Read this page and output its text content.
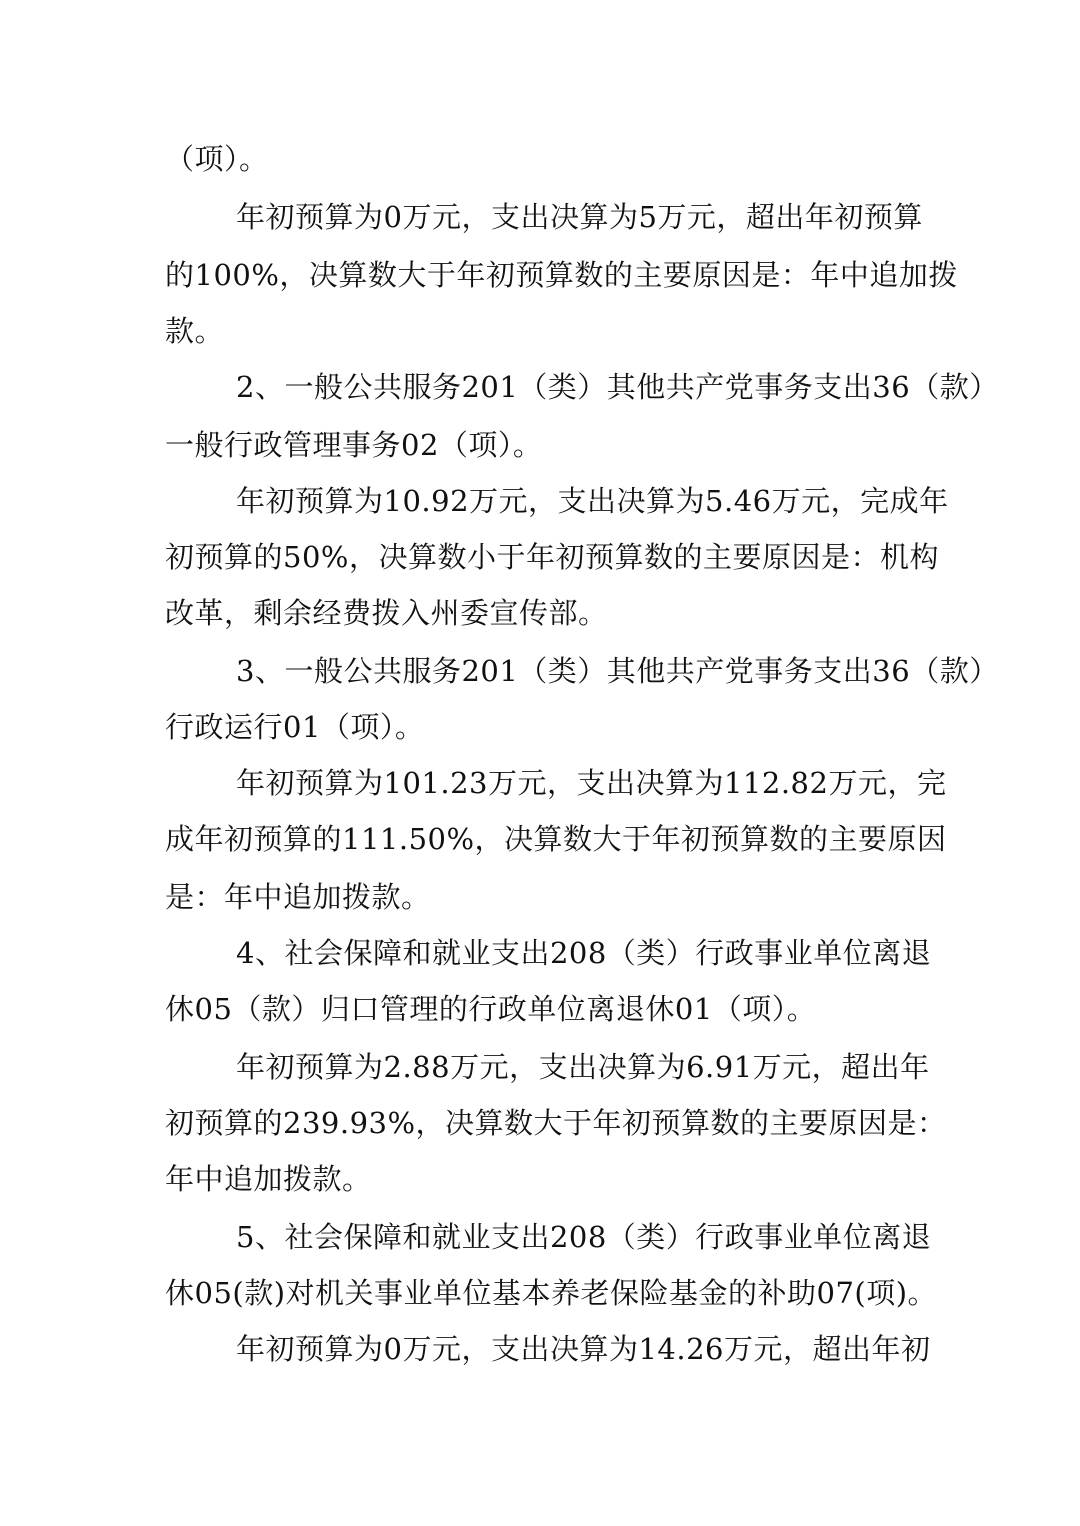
（项）。
年初预算为0万元，支出决算为5万元，超出年初预算
的100%，决算数大于年初预算数的主要原因是：年中追加拨
款。
2、一般公共服务201（类）其他共产党事务支出36（款）
一般行政管理事务02（项）。
年初预算为10.92万元，支出决算为5.46万元，完成年
初预算的50%，决算数小于年初预算数的主要原因是：机构
改革，剩余经费拨入州委宣传部。
3、一般公共服务201（类）其他共产党事务支出36（款）
行政运行01（项）。
年初预算为101.23万元，支出决算为112.82万元，完
成年初预算的111.50%，决算数大于年初预算数的主要原因
是：年中追加拨款。
4、社会保障和就业支出208（类）行政事业单位离退
休05（款）归口管理的行政单位离退休01（项）。
年初预算为2.88万元，支出决算为6.91万元，超出年
初预算的239.93%，决算数大于年初预算数的主要原因是：
年中追加拨款。
5、社会保障和就业支出208（类）行政事业单位离退
休05(款)对机关事业单位基本养老保险基金的补助07(项)。
年初预算为0万元，支出决算为14.26万元，超出年初
